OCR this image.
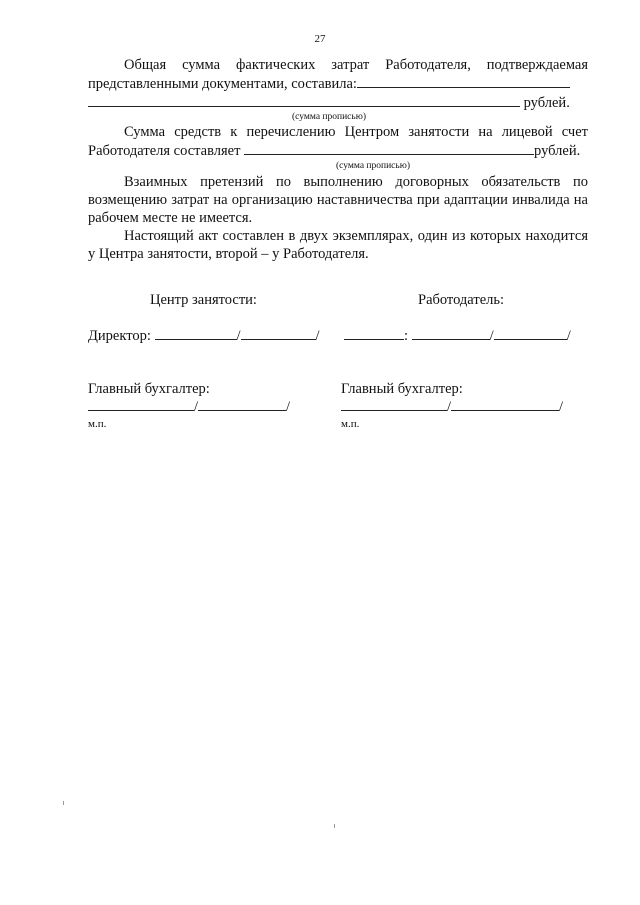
27

Общая сумма фактических затрат Работодателя, подтверждаемая
представленными документами, составила:
рублей.
(сумма прописью)

Сумма средств к перечислению Центром занятости на лицевой счет
Работодателя составляет	рублей.
(сумма прописью)

Взаимных претензий по выполнению договорных обязательств по возмещению затрат на организацию наставничества при адаптации инвалида на рабочем месте не имеется.

Настоящий акт составлен в двух экземплярах, один из которых находится у Центра занятости, второй – у Работодателя.

Центр занятости:	Работодатель:
Директор:	/	/	:	/	/
Главный бухгалтер:	Главный бухгалтер:
/	/	/	/
м.п.	м.п.
